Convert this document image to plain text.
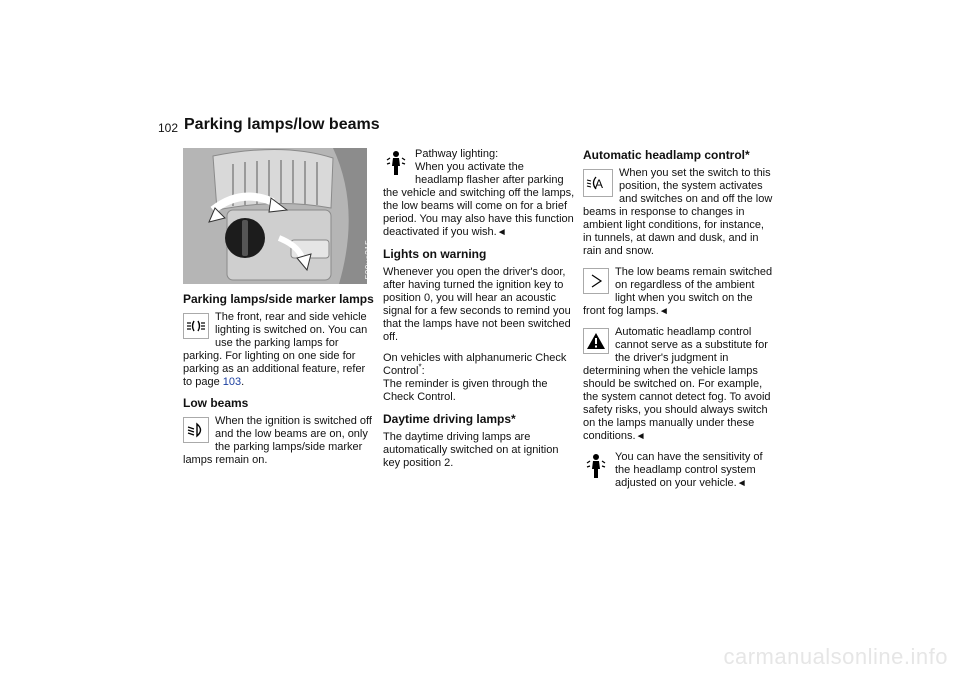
102 Parking lamps/low beams
530us215
Parking lamps/side marker lamps

The front, rear and side vehicle lighting is switched on. You can use the parking lamps for parking. For lighting on one side for parking as an additional feature, refer to page 103.

Low beams

When the ignition is switched off and the low beams are on, only the parking lamps/side marker lamps remain on.

Pathway lighting:

When you activate the headlamp flasher after parking the vehicle and switching off the lamps, the low beams will come on for a brief period. You may also have this function deactivated if you wish.◄

Lights on warning

Whenever you open the driver's door, after having turned the ignition key to position 0, you will hear an acoustic signal for a few seconds to remind you that the lamps have not been switched off.

On vehicles with alphanumeric Check Control*:

The reminder is given through the Check Control.

Daytime driving lamps*

The daytime driving lamps are automatically switched on at ignition key position 2.

Automatic headlamp control*
A

When you set the switch to this position, the system activates and switches on and off the low beams in response to changes in ambient light conditions, for instance, in tunnels, at dawn and dusk, and in rain and snow.

The low beams remain switched on regardless of the ambient light when you switch on the front fog lamps.◄

Automatic headlamp control cannot serve as a substitute for the driver's judgment in determining when the vehicle lamps should be switched on. For example, the system cannot detect fog. To avoid safety risks, you should always switch on the lamps manually under these conditions.◄

You can have the sensitivity of the headlamp control system adjusted on your vehicle.◄

carmanualsonline.info
